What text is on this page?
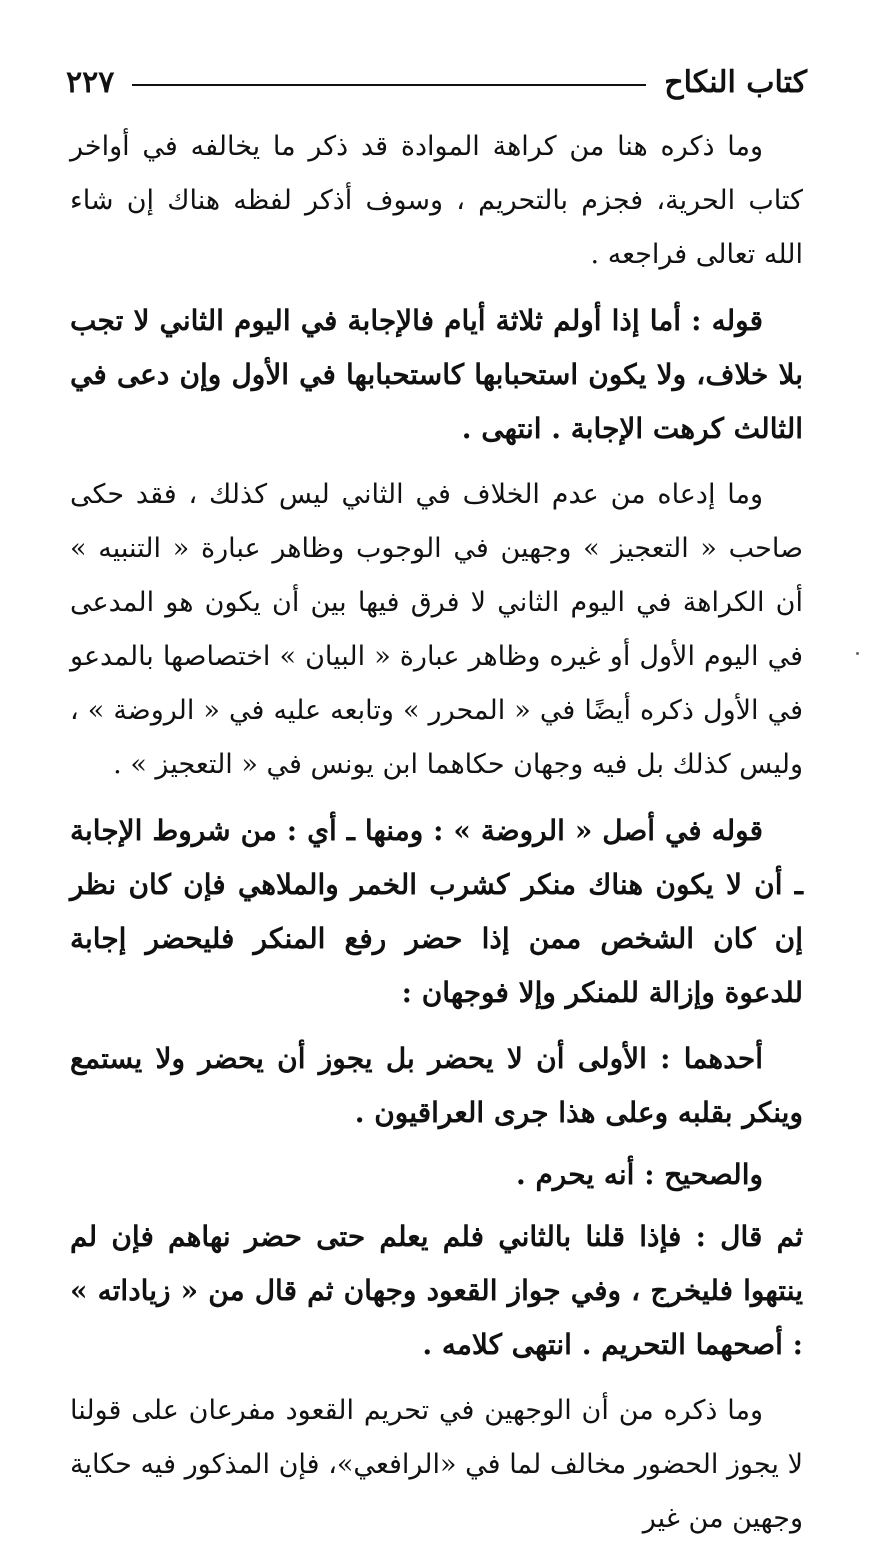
كتاب النكاح
٢٢٧

وما ذكره هنا من كراهة الموادة قد ذكر ما يخالفه في أواخر كتاب الحرية، فجزم بالتحريم ، وسوف أذكر لفظه هناك إن شاء الله تعالى فراجعه .

قوله : أما إذا أولم ثلاثة أيام فالإجابة في اليوم الثاني لا تجب بلا خلاف، ولا يكون استحبابها كاستحبابها في الأول وإن دعى في الثالث كرهت الإجابة . انتهى .

وما إدعاه من عدم الخلاف في الثاني ليس كذلك ، فقد حكى صاحب « التعجيز » وجهين في الوجوب وظاهر عبارة « التنبيه » أن الكراهة في اليوم الثاني لا فرق فيها بين أن يكون هو المدعى في اليوم الأول أو غيره وظاهر عبارة « البيان » اختصاصها بالمدعو في الأول ذكره أيضًا في « المحرر » وتابعه عليه في « الروضة » ، وليس كذلك بل فيه وجهان حكاهما ابن يونس في « التعجيز » .

قوله في أصل « الروضة » : ومنها ـ أي : من شروط الإجابة ـ أن لا يكون هناك منكر كشرب الخمر والملاهي فإن كان نظر إن كان الشخص ممن إذا حضر رفع المنكر فليحضر إجابة للدعوة وإزالة للمنكر وإلا فوجهان :

أحدهما : الأولى أن لا يحضر بل يجوز أن يحضر ولا يستمع وينكر بقلبه وعلى هذا جرى العراقيون .

والصحيح : أنه يحرم .

ثم قال : فإذا قلنا بالثاني فلم يعلم حتى حضر نهاهم فإن لم ينتهوا فليخرج ، وفي جواز القعود وجهان ثم قال من « زياداته » : أصحهما التحريم . انتهى كلامه .

وما ذكره من أن الوجهين في تحريم القعود مفرعان على قولنا لا يجوز الحضور مخالف لما في «الرافعي»، فإن المذكور فيه حكاية وجهين من غير
